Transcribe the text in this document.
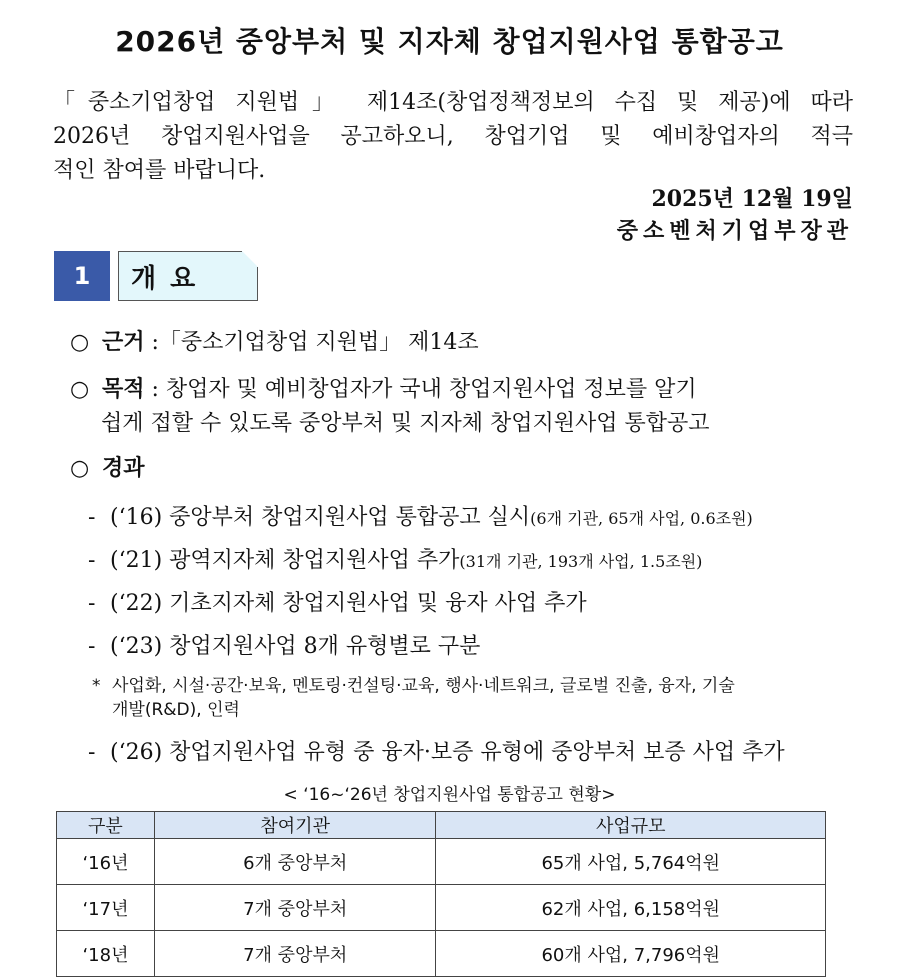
2026년 중앙부처 및 지자체 창업지원사업 통합공고
「중소기업창업 지원법」 제14조(창업정책정보의 수집 및 제공)에 따라
2026년 창업지원사업을 공고하오니, 창업기업 및 예비창업자의 적극
적인 참여를 바랍니다.
2025년 12월 19일
중소벤처기업부장관
1	개요
○ 근거 :「중소기업창업 지원법」 제14조
○ 목적 : 창업자 및 예비창업자가 국내 창업지원사업 정보를 알기
쉽게 접할 수 있도록 중앙부처 및 지자체 창업지원사업 통합공고
○ 경과
- (‘16) 중앙부처 창업지원사업 통합공고 실시(6개 기관, 65개 사업, 0.6조원)
- (‘21) 광역지자체 창업지원사업 추가(31개 기관, 193개 사업, 1.5조원)
- (‘22) 기초지자체 창업지원사업 및 융자 사업 추가
- (‘23) 창업지원사업 8개 유형별로 구분
* 사업화, 시설·공간·보육, 멘토링·컨설팅·교육, 행사·네트워크, 글로벌 진출, 융자, 기술
개발(R&D), 인력
- (‘26) 창업지원사업 유형 중 융자·보증 유형에 중앙부처 보증 사업 추가
< ‘16~‘26년 창업지원사업 통합공고 현황>
구분	참여기관	사업규모
‘16년	6개 중앙부처	65개 사업, 5,764억원
‘17년	7개 중앙부처	62개 사업, 6,158억원
‘18년	7개 중앙부처	60개 사업, 7,796억원
